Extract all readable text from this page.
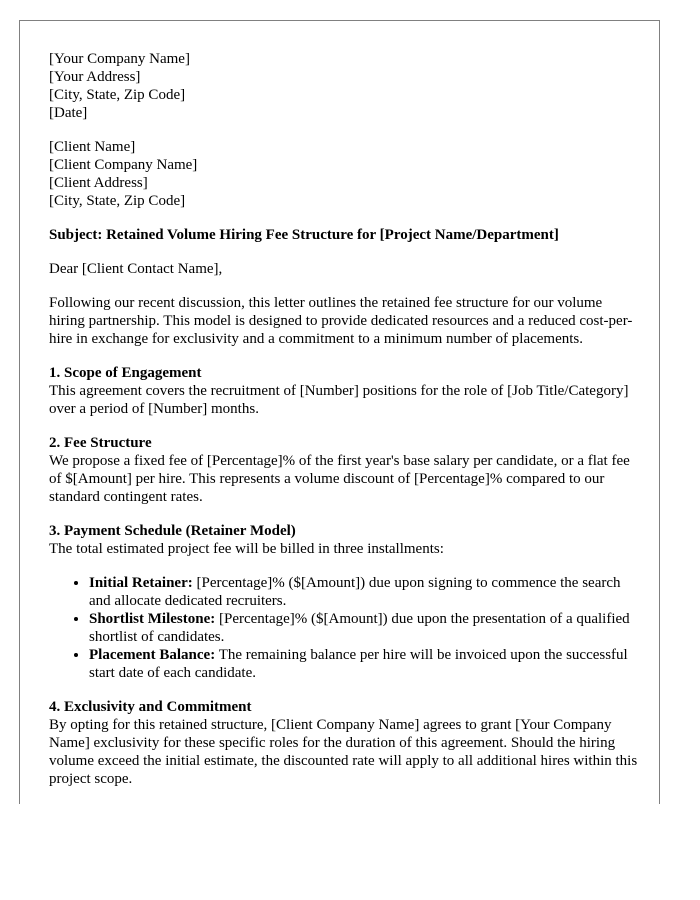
[Your Company Name]
[Your Address]
[City, State, Zip Code]
[Date]
[Client Name]
[Client Company Name]
[Client Address]
[City, State, Zip Code]

Subject: Retained Volume Hiring Fee Structure for [Project Name/Department]

Dear [Client Contact Name],

Following our recent discussion, this letter outlines the retained fee structure for our volume hiring partnership. This model is designed to provide dedicated resources and a reduced cost-per-hire in exchange for exclusivity and a commitment to a minimum number of placements.

1. Scope of Engagement
This agreement covers the recruitment of [Number] positions for the role of [Job Title/Category] over a period of [Number] months.
2. Fee Structure
We propose a fixed fee of [Percentage]% of the first year's base salary per candidate, or a flat fee of $[Amount] per hire. This represents a volume discount of [Percentage]% compared to our standard contingent rates.
3. Payment Schedule (Retainer Model)
The total estimated project fee will be billed in three installments:
• Initial Retainer: [Percentage]% ($[Amount]) due upon signing to commence the search and allocate dedicated recruiters.
• Shortlist Milestone: [Percentage]% ($[Amount]) due upon the presentation of a qualified shortlist of candidates.
• Placement Balance: The remaining balance per hire will be invoiced upon the successful start date of each candidate.
4. Exclusivity and Commitment
By opting for this retained structure, [Client Company Name] agrees to grant [Your Company Name] exclusivity for these specific roles for the duration of this agreement. Should the hiring volume exceed the initial estimate, the discounted rate will apply to all additional hires within this project scope.
